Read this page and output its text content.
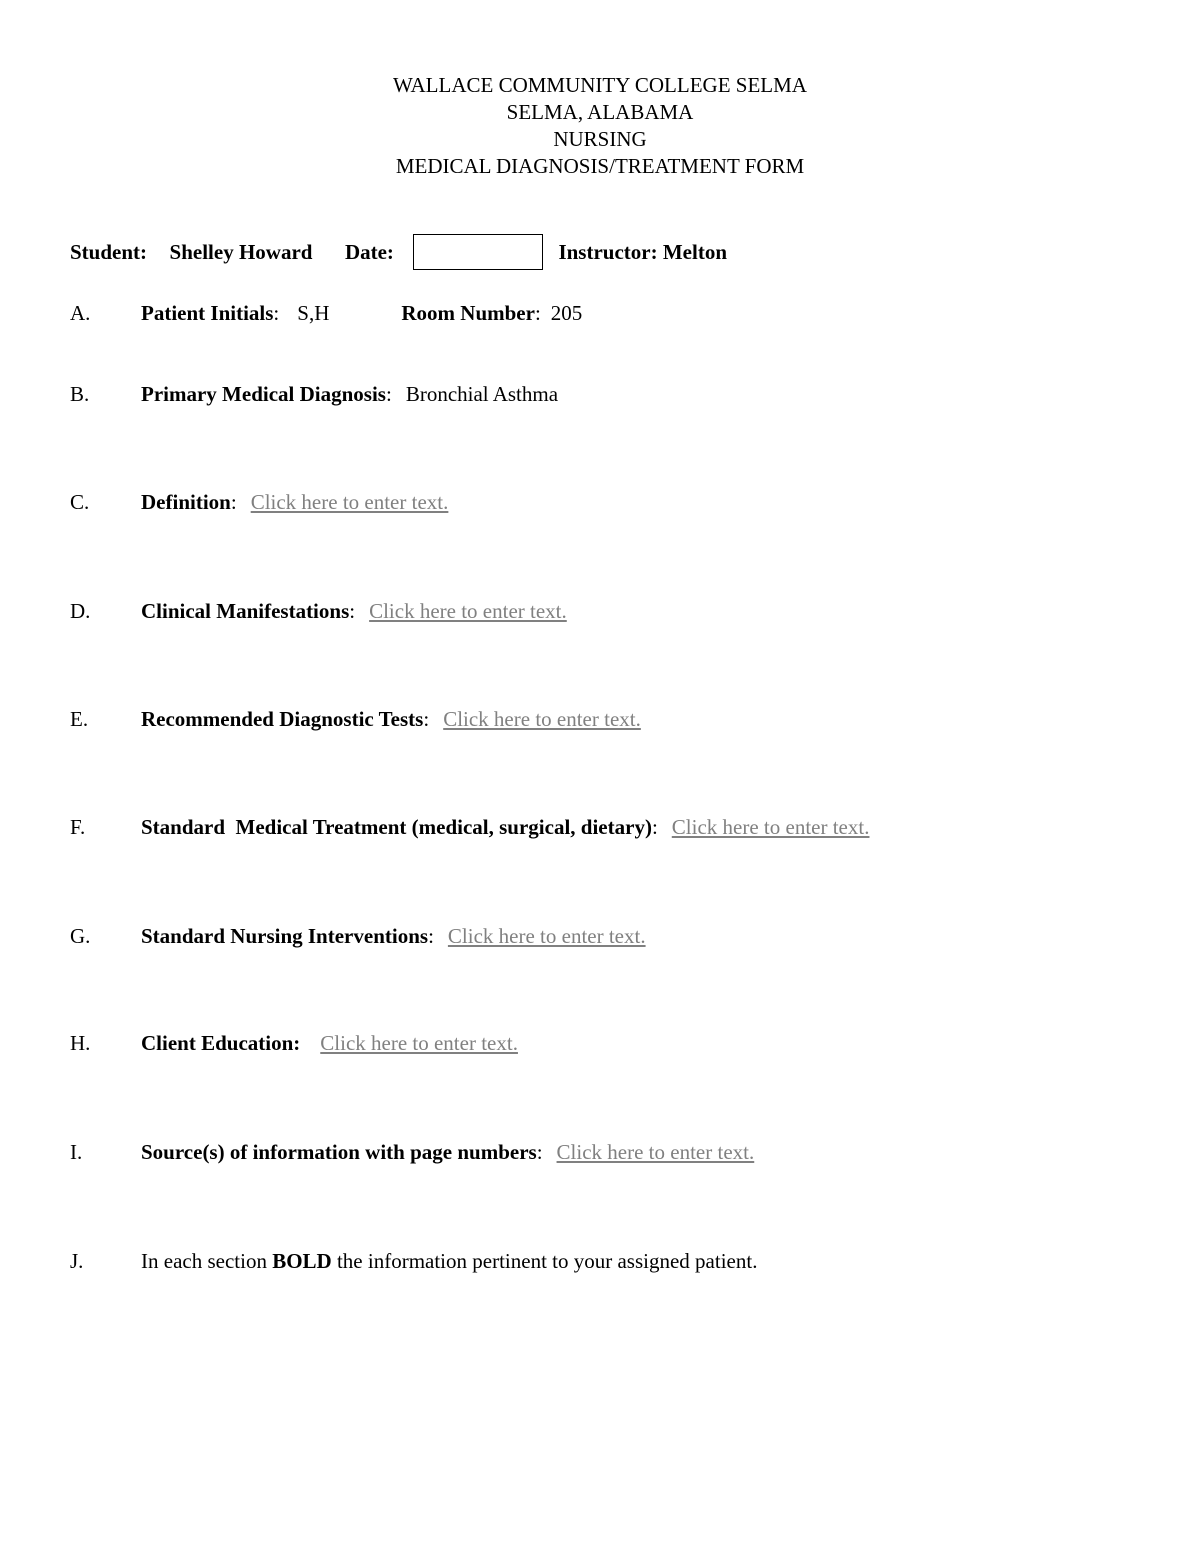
WALLACE COMMUNITY COLLEGE SELMA
SELMA, ALABAMA
NURSING
MEDICAL DIAGNOSIS/TREATMENT FORM
Student: Shelley Howard Date:	Instructor: Melton
A. Patient Initials: S,H	Room Number: 205
B. Primary Medical Diagnosis: Bronchial Asthma
C. Definition: Click here to enter text.
D. Clinical Manifestations: Click here to enter text.
E.	Recommended Diagnostic Tests: Click here to enter text.
F.	Standard  Medical Treatment (medical, surgical, dietary): Click here to enter text.
G. Standard Nursing Interventions: Click here to enter text.
H. Client Education: Click here to enter text.
I.	Source(s) of information with page numbers: Click here to enter text.
J.	In each section BOLD the information pertinent to your assigned patient.
